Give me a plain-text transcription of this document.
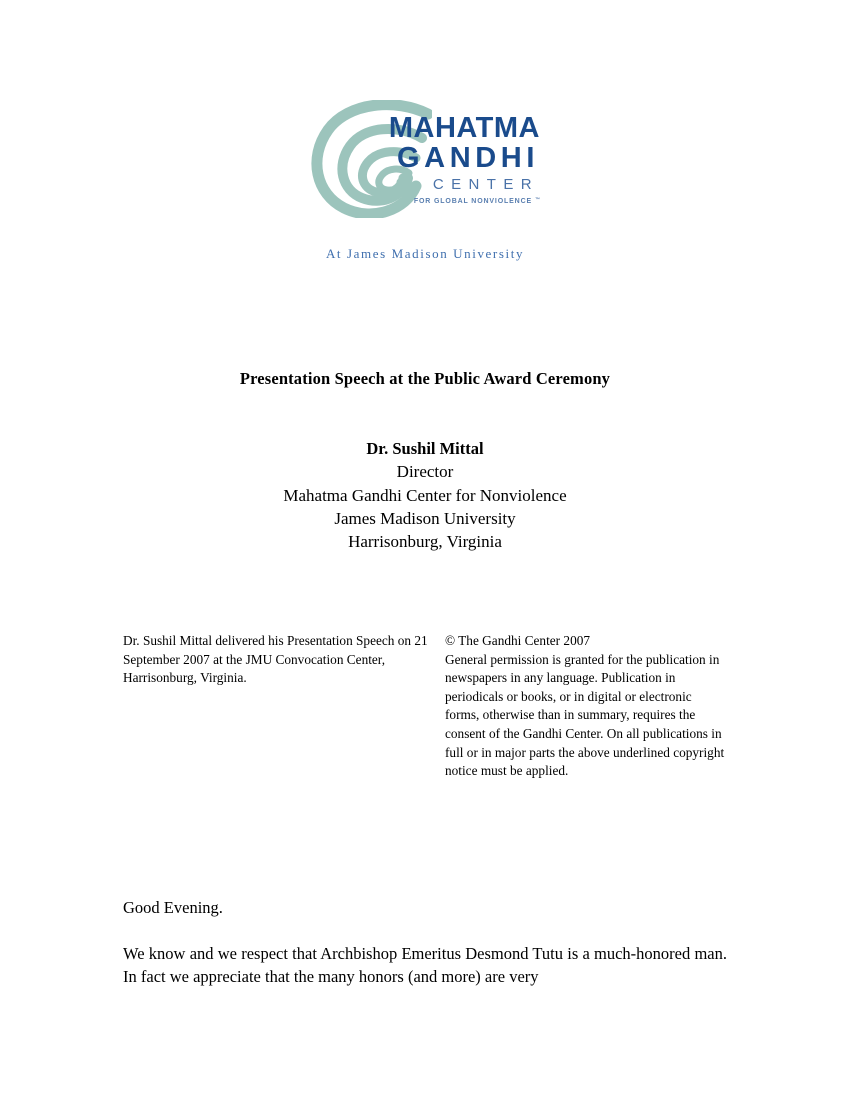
MAHATMA
GANDHI
CENTER
FOR GLOBAL NONVIOLENCE ™
At James Madison University
Presentation Speech at the Public Award Ceremony
Dr. Sushil Mittal
Director
Mahatma Gandhi Center for Nonviolence
James Madison University
Harrisonburg, Virginia

Dr. Sushil Mittal delivered his Presentation Speech on 21 September 2007 at the JMU Convocation Center, Harrisonburg, Virginia.

© The Gandhi Center 2007

General permission is granted for the publication in newspapers in any language. Publication in periodicals or books, or in digital or electronic forms, otherwise than in summary, requires the consent of the Gandhi Center. On all publications in full or in major parts the above underlined copyright notice must be applied.

Good Evening.

We know and we respect that Archbishop Emeritus Desmond Tutu is a much-honored man. In fact we appreciate that the many honors (and more) are very
